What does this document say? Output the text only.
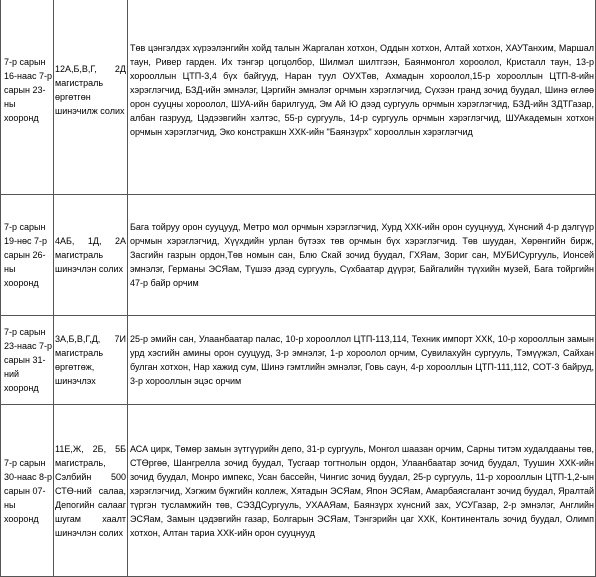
7-р сарын 16-наас 7-р сарын 23-ны хооронд	12А,Б,В,Г, 2Д магистраль өргөтгөн шинэчилж солих	Төв цэнгэлдэх хүрээлэнгийн хойд талын Жаргалан хотхон, Оддын хотхон, Алтай хотхон, ХАУТанхим, Маршал таун, Ривер гарден. Их тэнгэр цогцолбор, Шилмэл шилтгээн, Баянмонгол хороолол, Кристалл таун, 13-р хорооллын ЦТП-3,4 бүх байгууд, Наран туул ОУХТөв, Ахмадын хороолол,15-р хорооллын ЦТП-8-ийн хэрэглэгчид, БЗД-ийн эмнэлэг, Цэргийн эмнэлэг орчмын хэрэглэгчид, Сүхээн гранд зочид буудал, Шинэ өглөө орон сууцны хороолол, ШУА-ийн барилгууд, Эм Ай Ю дээд сургууль орчмын хэрэглэгчид, БЗД-ийн ЗДТГазар, албан газрууд, Цэдээвгийн хэлтэс, 55-р сургууль, 14-р сургууль орчмын хэрэглэгчид, ШУАкадемын хотхон орчмын хэрэглэгчид, Эко констракшн ХХК-ийн "Баянзүрх" хорооллын хэрэглэгчид

7-р сарын 19-нөс 7-р сарын 26-ны хооронд	4АБ, 1Д, 2А магистраль шинэчлэн солих	Бага тойруу орон сууцууд, Метро мол орчмын хэрэглэгчид, Хурд ХХК-ийн орон сууцнууд, Хүнсний 4-р дэлгүүр орчмын хэрэглэгчид, Хүүхдийн урлан бүтээх төв орчмын бүх хэрэглэгчид. Төв шуудан, Хөрөнгийн бирж, Засгийн газрын ордон,Төв номын сан, Блю Скай зочид буудал, ГХЯам, Зориг сан, МУБИСургууль, Ионсей эмнэлэг, Германы ЭСЯам, Түшээ дээд сургууль, Сүхбаатар дүүрэг, Байгалийн түүхийн музей, Бага тойргийн 47-р байр орчим

7-р сарын 23-наас 7-р сарын 31-ний хооронд	3А,Б,В,Г,Д, 7И магистраль өргөтгөж, шинэчлэх	25-р эмийн сан, Улаанбаатар палас, 10-р хорооллол ЦТП-113,114, Техник импорт ХХК, 10-р хорооллын замын урд хэсгийн амины орон сууцууд, 3-р эмнэлэг, 1-р хороолол орчим, Сувилахуйн сургууль, Тэмүүжэл, Сайхан булган хотхон, Нар хажид сум, Шинэ гэмтлийн эмнэлэг, Говь саун, 4-р хорооллын ЦТП-111,112, СОТ-3 байруд, 3-р хорооллын эцэс орчим

7-р сарын 30-наас 8-р сарын 07-ны хооронд	11Е,Ж, 2Б, 5Б магистраль, Сэлбийн 500 СТӨ-ний салаа, Депогийн салааг шугам хаалт шинэчлэн солих	АСА цирк, Төмөр замын зүтгүүрийн депо, 31-р сургууль, Монгол шаазан орчим, Сарны титэм худалдааны төв, СТӨргөө, Шангрелла зочид буудал, Тусгаар тогтнолын ордон, Улаанбаатар зочид буудал, Туушин ХХК-ийн зочид буудал, Монро импекс, Усан бассейн, Чингис зочид буудал, 25-р сургууль, 11-р хорооллын ЦТП-1,2-ын хэрэглэгчид, Хэгжим бүжгийн коллеж, Хятадын ЭСЯам, Япон ЭСЯам, Амарбаясгалант зочид буудал, Яралтай түргэн тусламжийн төв, СЭЗДСургууль, УХААЯам, Баянзүрх хүнсний зах, УСУГазар, 2-р эмнэлэг, Английн ЭСЯам, Замын цэдэвгийн газар, Болгарын ЭСЯам, Тэнгэрийн цаг ХХК, Континенталь зочид буудал, Олимп хотхон, Алтан тариа ХХК-ийн орон сууцнууд
